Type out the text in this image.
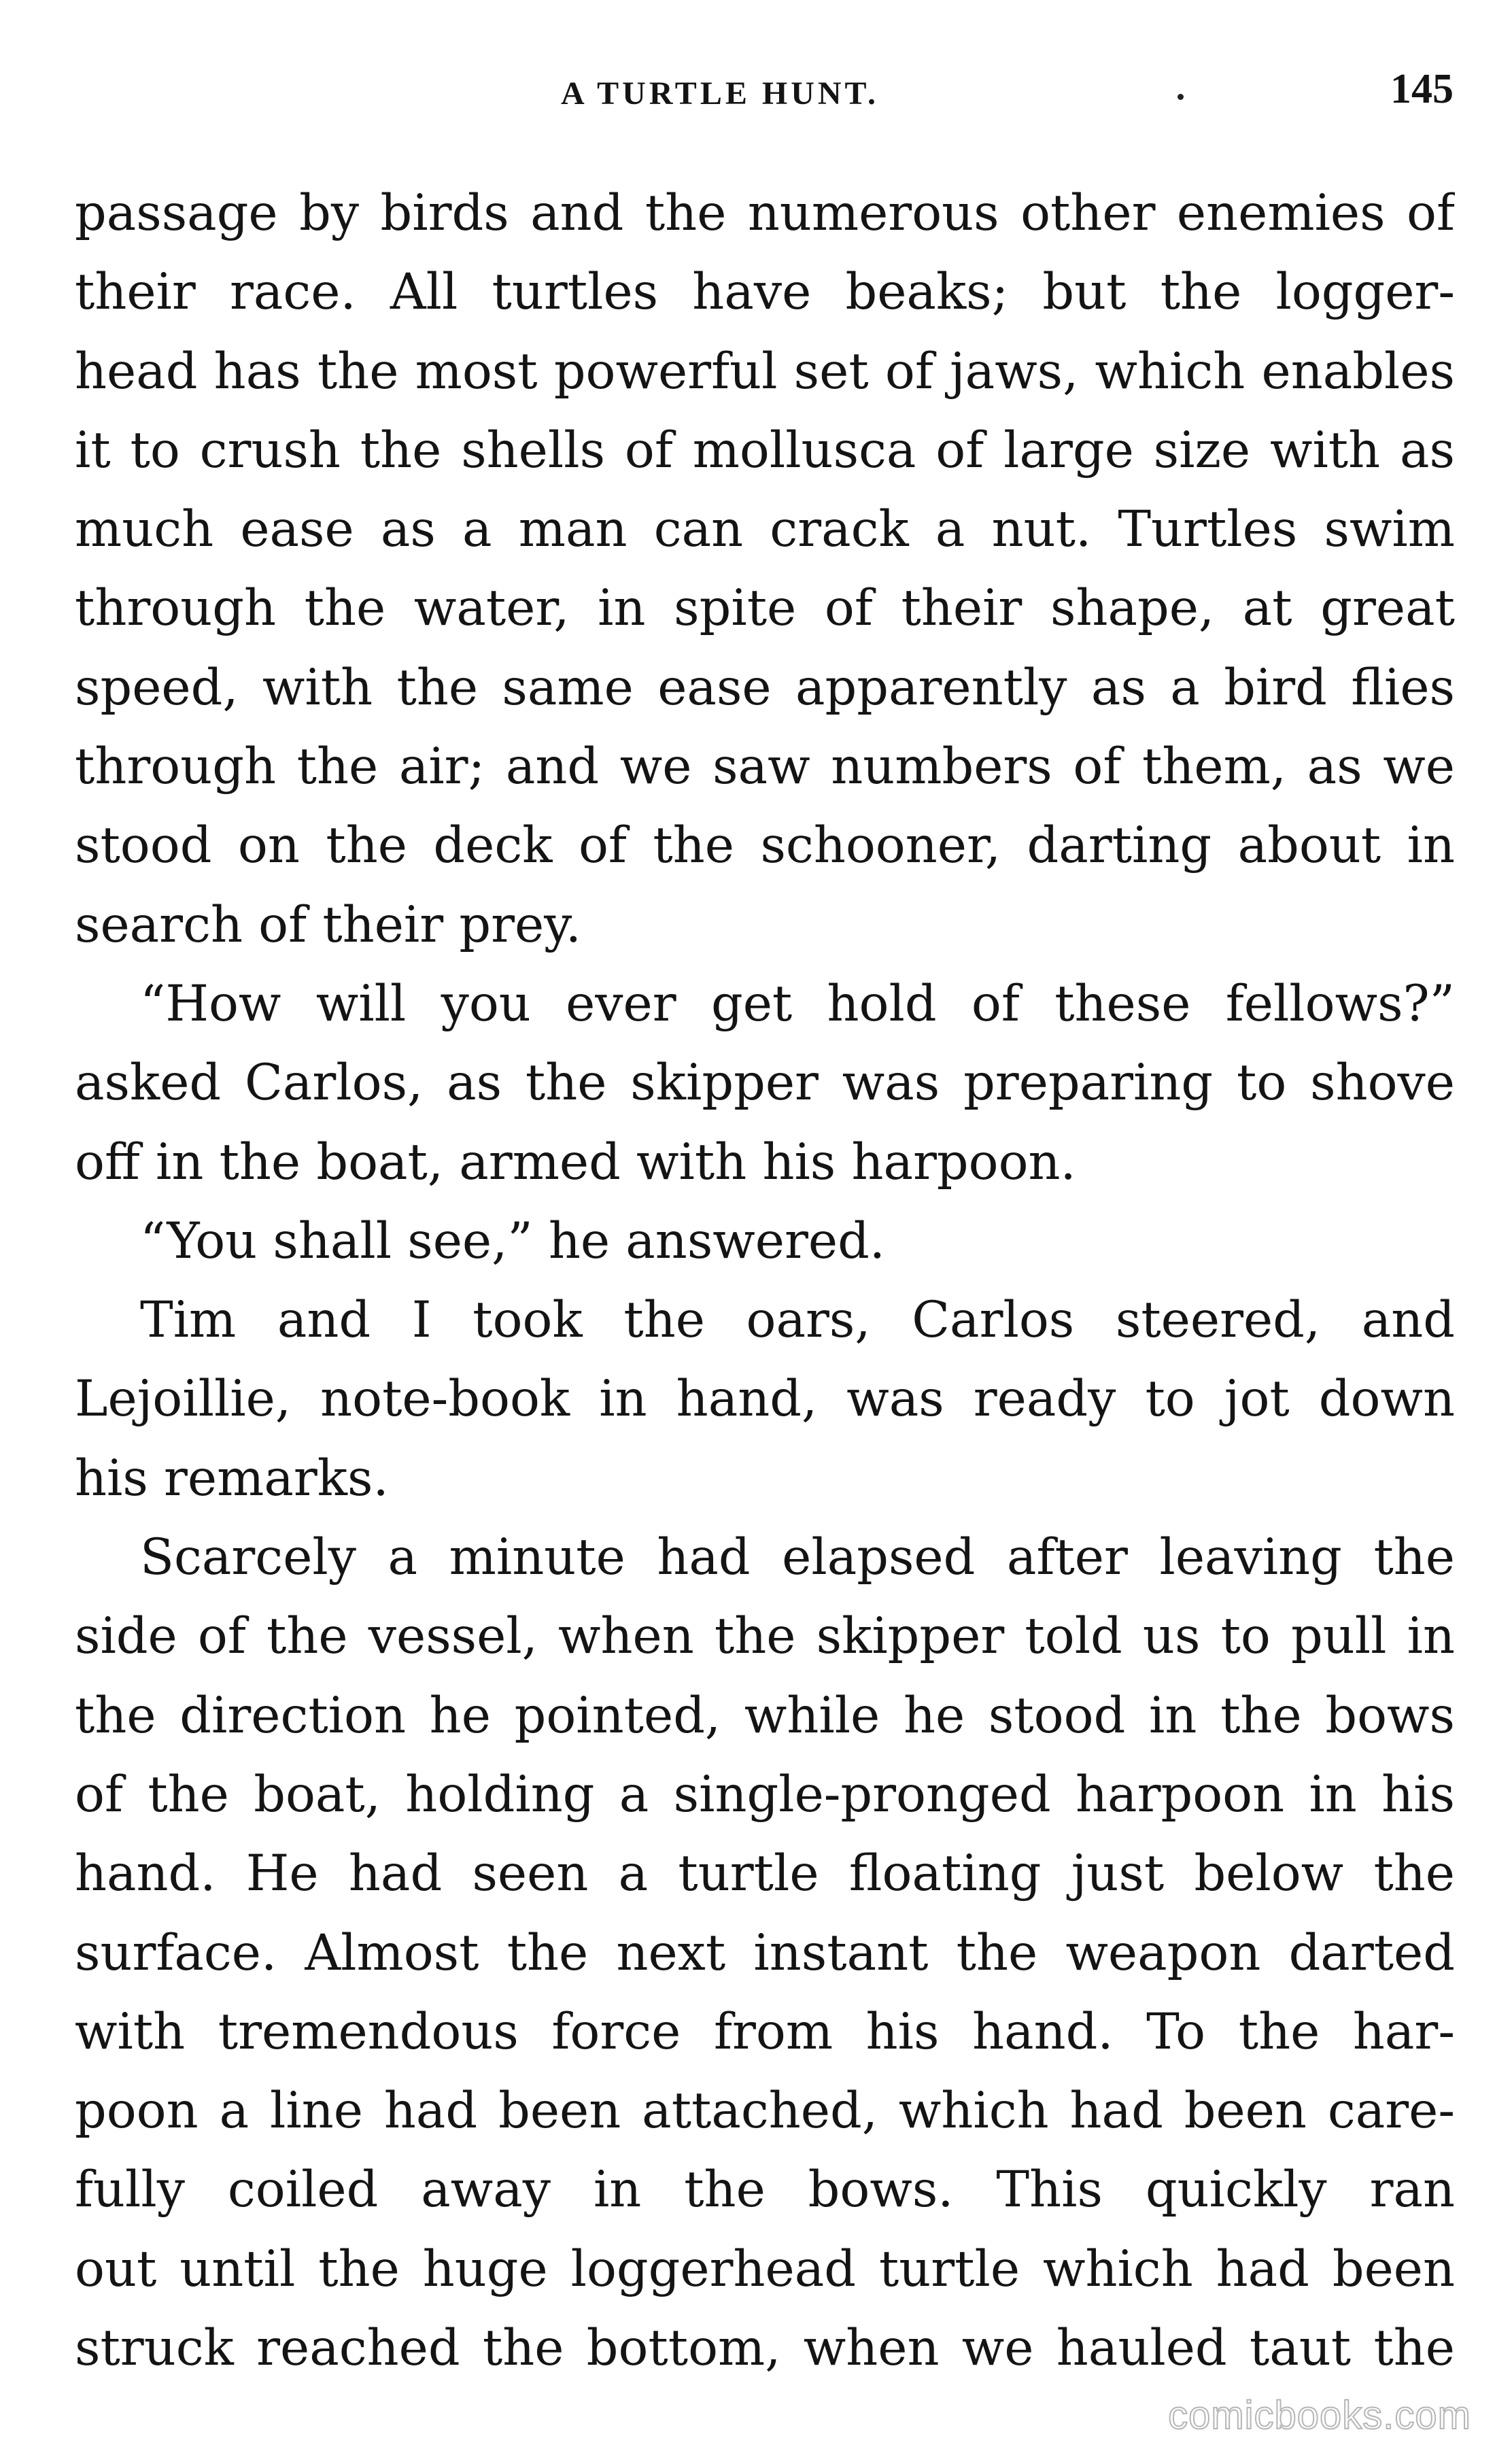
A TURTLE HUNT.	145
passage by birds and the numerous other enemies of
their race. All turtles have beaks; but the logger-
head has the most powerful set of jaws, which enables
it to crush the shells of mollusca of large size with as
much ease as a man can crack a nut. Turtles swim
through the water, in spite of their shape, at great
speed, with the same ease apparently as a bird flies
through the air; and we saw numbers of them, as we
stood on the deck of the schooner, darting about in
search of their prey.
“How will you ever get hold of these fellows?”
asked Carlos, as the skipper was preparing to shove
off in the boat, armed with his harpoon.
“You shall see,” he answered.
Tim and I took the oars, Carlos steered, and
Lejoillie, note-book in hand, was ready to jot down
his remarks.
Scarcely a minute had elapsed after leaving the
side of the vessel, when the skipper told us to pull in
the direction he pointed, while he stood in the bows
of the boat, holding a single-pronged harpoon in his
hand. He had seen a turtle floating just below the
surface. Almost the next instant the weapon darted
with tremendous force from his hand. To the har-
poon a line had been attached, which had been care-
fully coiled away in the bows. This quickly ran
out until the huge loggerhead turtle which had been
struck reached the bottom, when we hauled taut the
comicbooks.com
